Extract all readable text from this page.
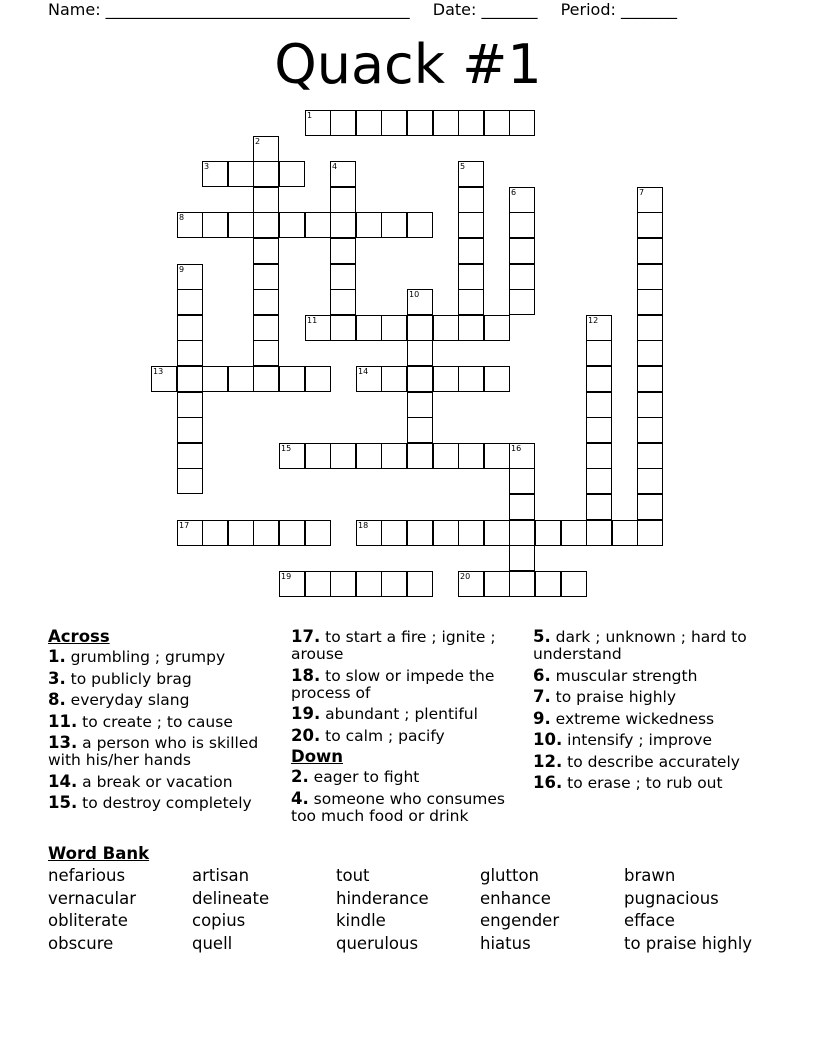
Name: ______________________________________ Date: _______ Period: _______
Quack #1
1
3
8
11
13	14
15
17	18
19	20
2
4	5
6	7
9
10
12
16
Across
1. grumbling ; grumpy
3. to publicly brag
8. everyday slang
11. to create ; to cause
13. a person who is skilled with his/her hands
14. a break or vacation
15. to destroy completely
17. to start a fire ; ignite ; arouse
18. to slow or impede the process of
19. abundant ; plentiful
20. to calm ; pacify
Down
2. eager to fight
4. someone who consumes too much food or drink
5. dark ; unknown ; hard to understand
6. muscular strength
7. to praise highly
9. extreme wickedness
10. intensify ; improve
12. to describe accurately
16. to erase ; to rub out
Word Bank
nefarious	artisan	tout	glutton	brawn
vernacular	delineate	hinderance	enhance	pugnacious
obliterate	copius	kindle	engender	efface
obscure	quell	querulous	hiatus	to praise highly
